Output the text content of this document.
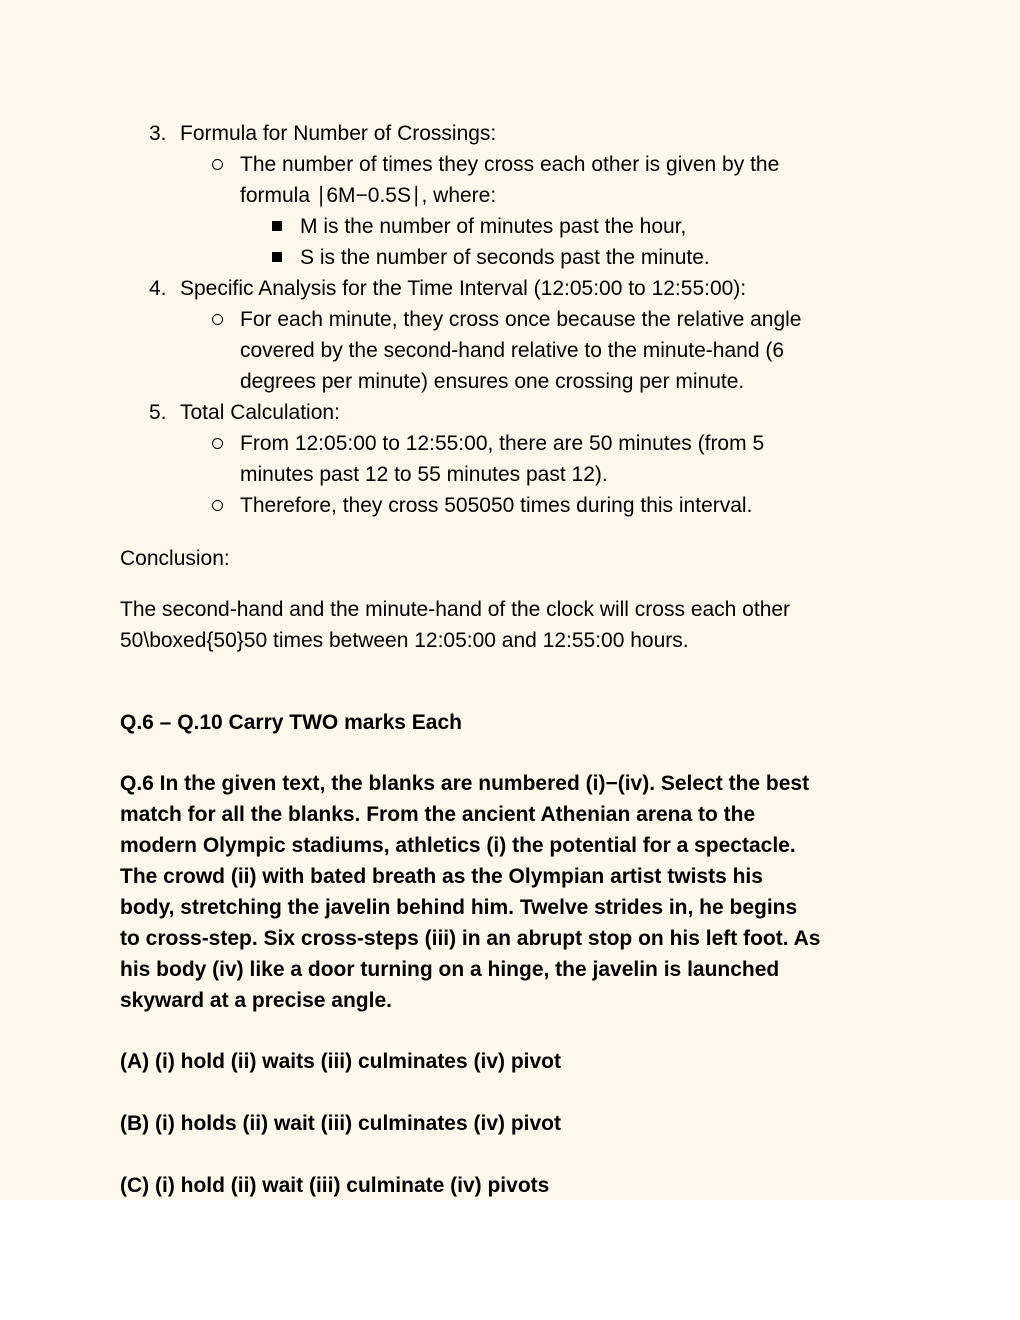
3. Formula for Number of Crossings:
The number of times they cross each other is given by the
formula ∣6M−0.5S∣, where:
M is the number of minutes past the hour,
S is the number of seconds past the minute.
4. Specific Analysis for the Time Interval (12:05:00 to 12:55:00):
For each minute, they cross once because the relative angle
covered by the second-hand relative to the minute-hand (6
degrees per minute) ensures one crossing per minute.
5. Total Calculation:
From 12:05:00 to 12:55:00, there are 50 minutes (from 5
minutes past 12 to 55 minutes past 12).
Therefore, they cross 505050 times during this interval.
Conclusion:
The second-hand and the minute-hand of the clock will cross each other
50\boxed{50}50 times between 12:05:00 and 12:55:00 hours.
Q.6 – Q.10 Carry TWO marks Each
Q.6 In the given text, the blanks are numbered (i)−(iv). Select the best
match for all the blanks. From the ancient Athenian arena to the
modern Olympic stadiums, athletics (i) the potential for a spectacle.
The crowd (ii) with bated breath as the Olympian artist twists his
body, stretching the javelin behind him. Twelve strides in, he begins
to cross-step. Six cross-steps (iii) in an abrupt stop on his left foot. As
his body (iv) like a door turning on a hinge, the javelin is launched
skyward at a precise angle.
(A) (i) hold (ii) waits (iii) culminates (iv) pivot
(B) (i) holds (ii) wait (iii) culminates (iv) pivot
(C) (i) hold (ii) wait (iii) culminate (iv) pivots
